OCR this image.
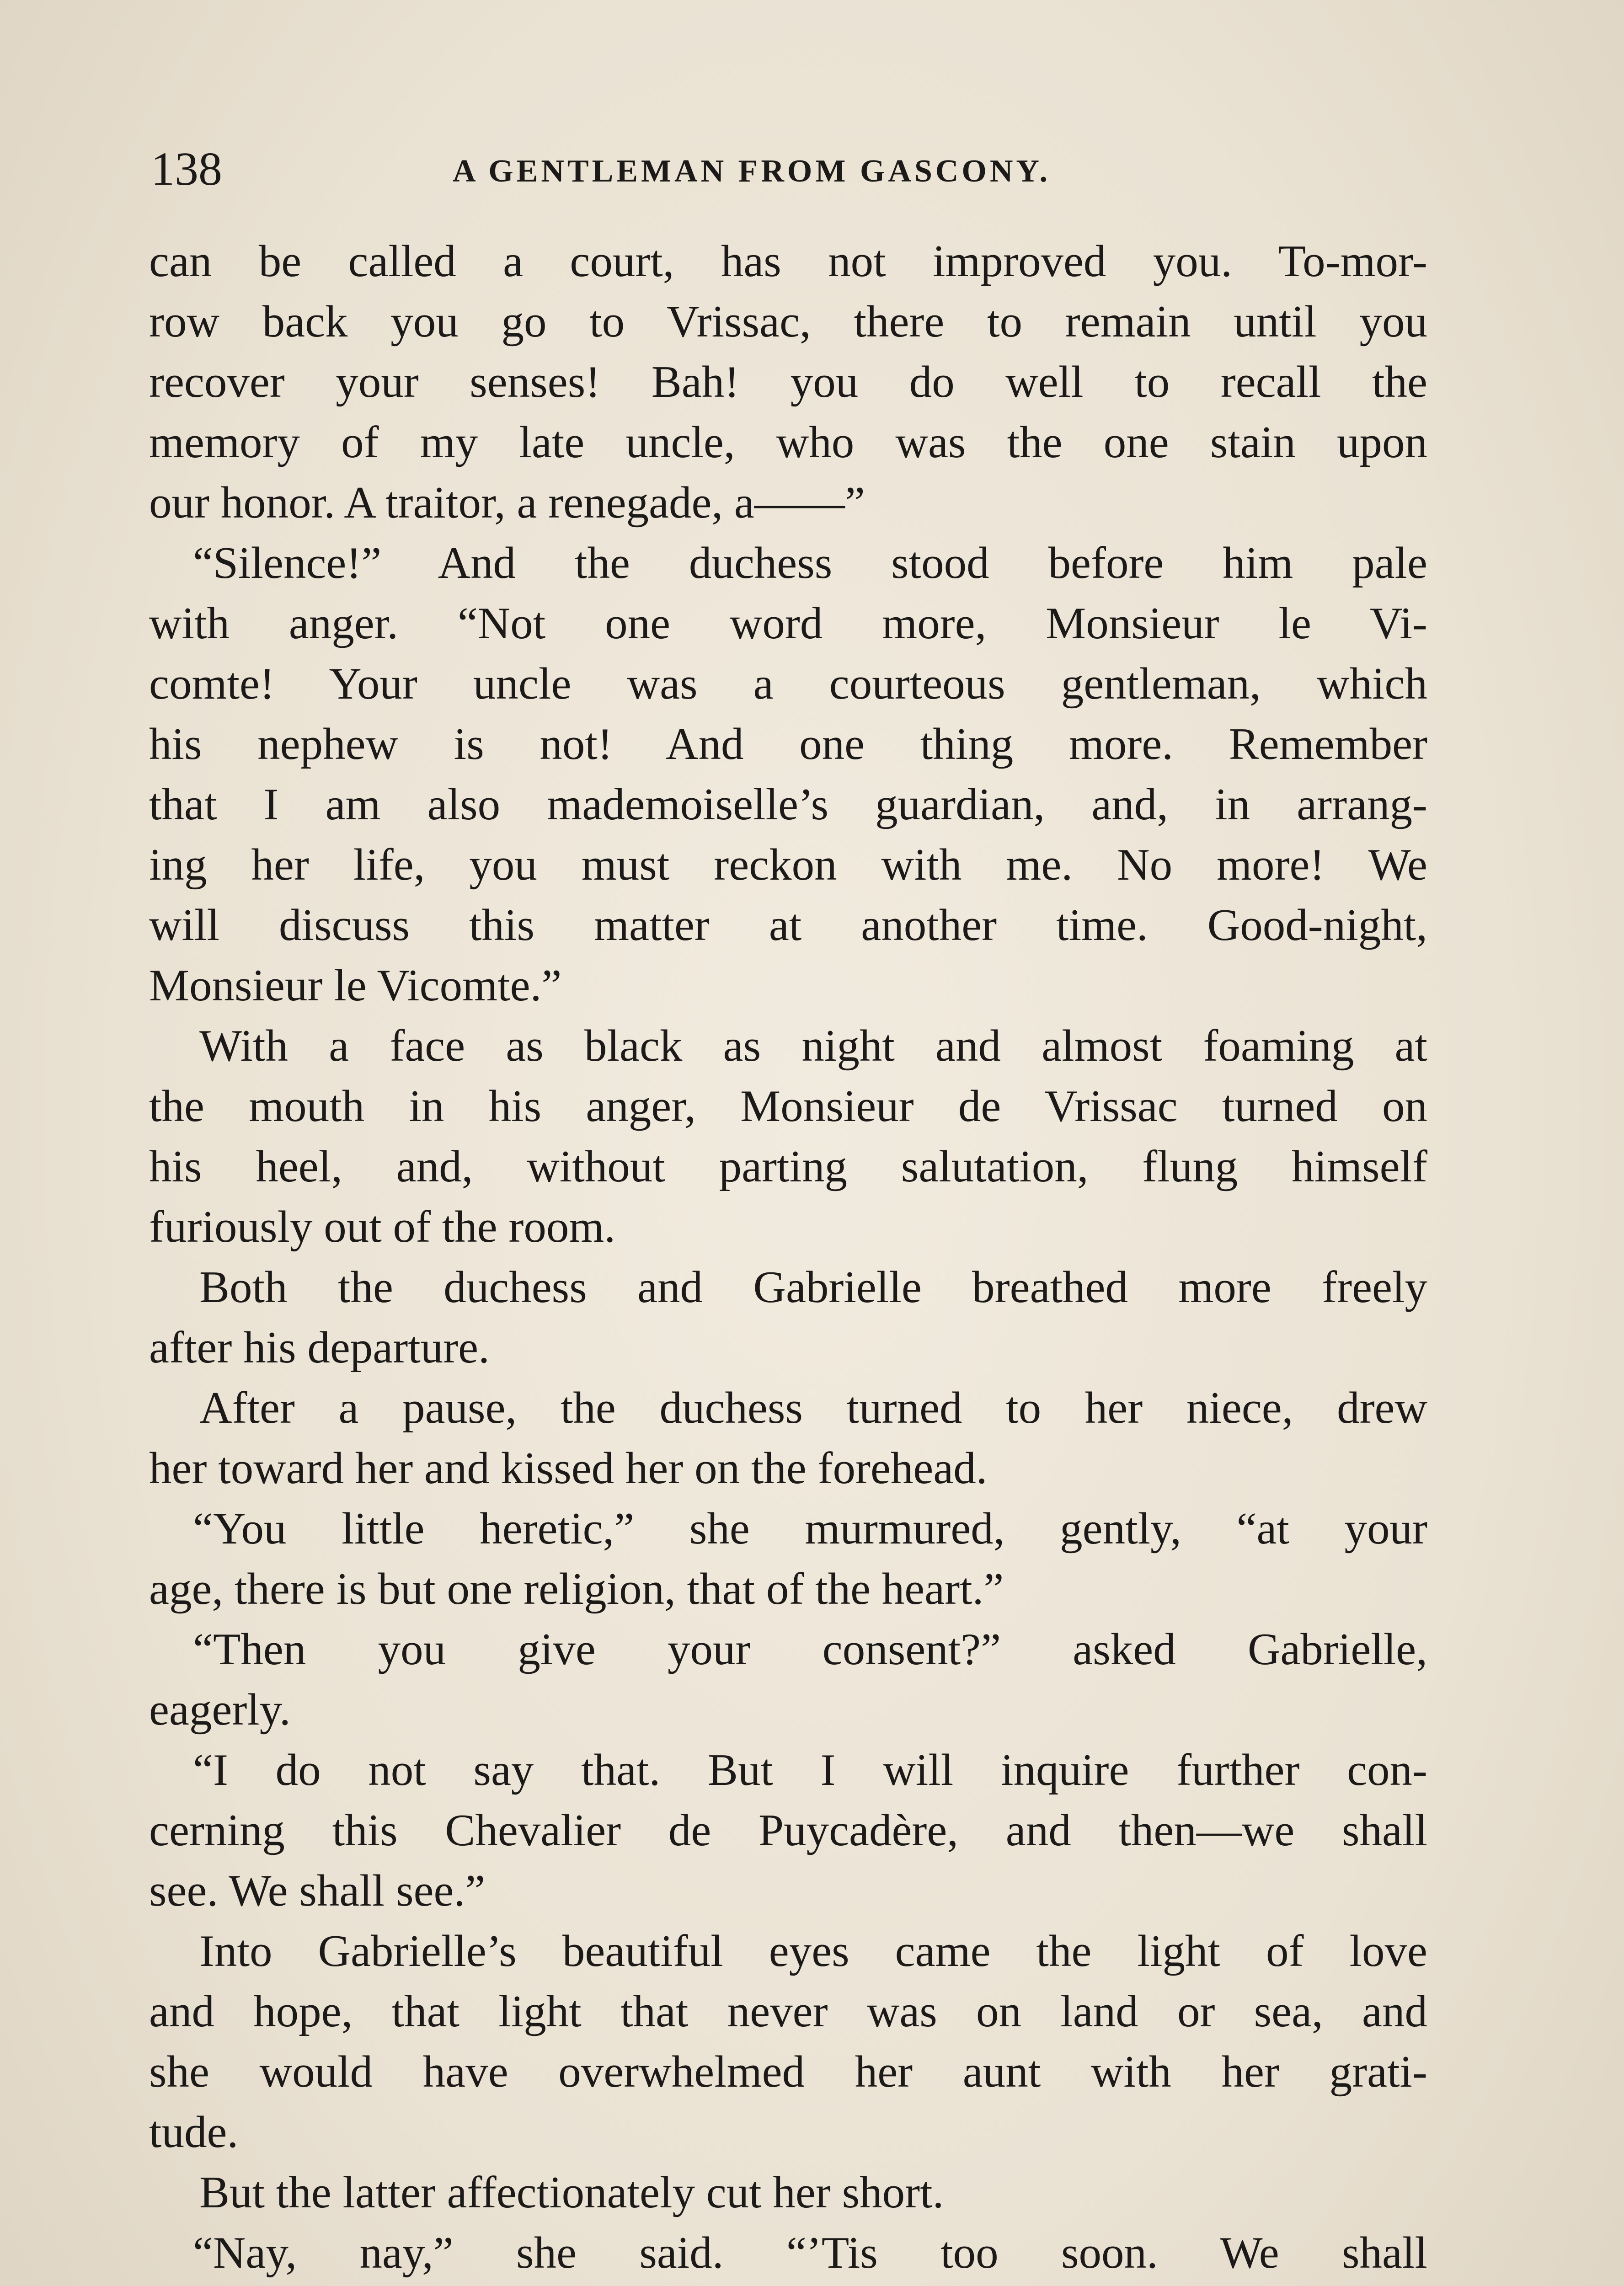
138	A GENTLEMAN FROM GASCONY.
can be called a court, has not improved you. To-mor-
row back you go to Vrissac, there to remain until you
recover your senses! Bah! you do well to recall the
memory of my late uncle, who was the one stain upon
our honor. A traitor, a renegade, a——”
“Silence!” And the duchess stood before him pale
with anger. “Not one word more, Monsieur le Vi-
comte! Your uncle was a courteous gentleman, which
his nephew is not! And one thing more. Remember
that I am also mademoiselle’s guardian, and, in arrang-
ing her life, you must reckon with me. No more! We
will discuss this matter at another time. Good-night,
Monsieur le Vicomte.”
With a face as black as night and almost foaming at
the mouth in his anger, Monsieur de Vrissac turned on
his heel, and, without parting salutation, flung himself
furiously out of the room.
Both the duchess and Gabrielle breathed more freely
after his departure.
After a pause, the duchess turned to her niece, drew
her toward her and kissed her on the forehead.
“You little heretic,” she murmured, gently, “at your
age, there is but one religion, that of the heart.”
“Then you give your consent?” asked Gabrielle,
eagerly.
“I do not say that. But I will inquire further con-
cerning this Chevalier de Puycadère, and then—we shall
see. We shall see.”
Into Gabrielle’s beautiful eyes came the light of love
and hope, that light that never was on land or sea, and
she would have overwhelmed her aunt with her grati-
tude.
But the latter affectionately cut her short.
“Nay, nay,” she said. “’Tis too soon. We shall
